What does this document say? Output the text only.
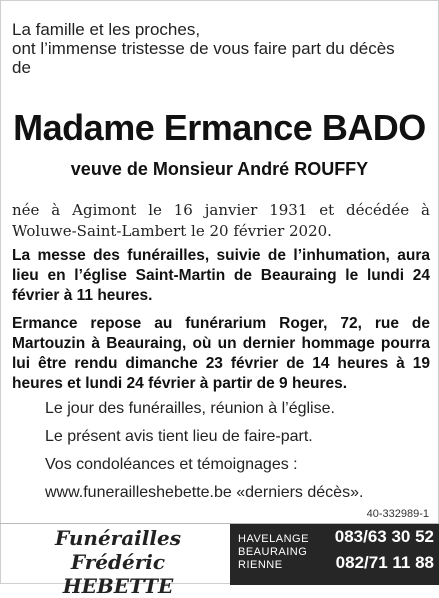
La famille et les proches,
ont l’immense tristesse de vous faire part du décès
de
Madame Ermance BADO
veuve de Monsieur André ROUFFY
née à Agimont le 16 janvier 1931 et décédée à Woluwe-Saint-Lambert le 20 février 2020.
La messe des funérailles, suivie de l’inhumation, aura lieu en l’église Saint-Martin de Beauraing le lundi 24 février à 11 heures.
Ermance repose au funérarium Roger, 72, rue de Martouzin à Beauraing, où un dernier hommage pourra lui être rendu dimanche 23 février de 14 heures à 19 heures et lundi 24 février à partir de 9 heures.
Le jour des funérailles, réunion à l’église.
Le présent avis tient lieu de faire-part.
Vos condoléances et témoignages :
www.funerailleshebette.be «derniers décès».
40-332989-1
Funérailles
Frédéric HEBETTE
HAVELANGE 083/63 30 52
BEAURAING
RIENNE	082/71 11 88
